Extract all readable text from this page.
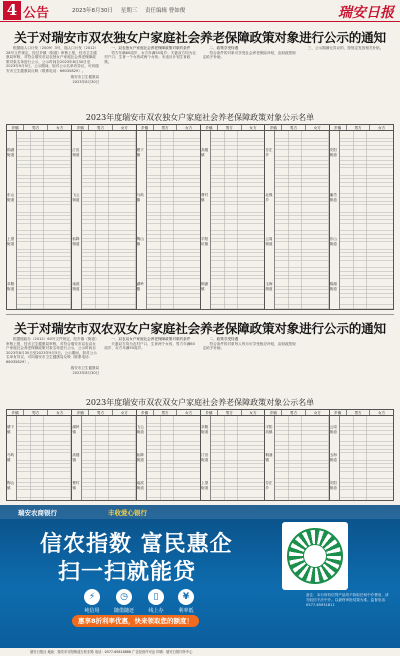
4 公告	2023年8月30日 星期三 责任编辑 曹如俊	瑞安日报
关于对瑞安市双农独女户家庭社会养老保障政策对象进行公示的通知

根据瑞人口计发（2009）3号，瑞人口计发（2012）28号文件规定，经过乡镇（街道）审核上报，经市卫生健康局审核，对符合瑞安市双农独女户家庭社会养老保障政策对象名单进行公示，公示时间自2023年8月30日至2023年9月5日。公示期间，如对公示名单有异议，可向瑞安市卫生健康局反映（联系电话：66035829）。

瑞安市卫生健康局
2023年8月30日

一、双农独女户家庭社会养老保障政策对象的条件

男方年满60周岁、女方年满55周岁；夫妻双方均为农村户口；生育一个女孩或两个女孩；未违反计划生育政策。

二、政策享受待遇

符合条件的对象可享受社会养老保险补贴，由财政按规定给予补助。

三、公示期满无异议的，按规定发放相关补贴。

2023年度瑞安市双农独女户家庭社会养老保障政策对象公示名单
乡镇	男方	女方
锦湖街道
东山街道
上望街道
莘塍街道
乡镇	男方	女方
汀田街道
飞云街道
仙降街道
南滨街道
乡镇	男方	女方
塘下镇
马屿镇
陶山镇
湖岭镇
乡镇	男方	女方
高楼镇
曹村镇
平阳坑镇
桐浦镇
乡镇	男方	女方
芳庄乡
北麂乡
云周街道
玉海街道
乡镇	男方	女方
安阳街道
潘岱街道
东山街道
锦湖街道
关于对瑞安市双农双女户家庭社会养老保障政策对象进行公示的通知

根据瑞政办（2012）60号文件规定，经乡镇（街道）审核上报，经市卫生健康局审核，对符合瑞安市双农双女户家庭社会养老保障政策对象名单进行公示，公示时间自2023年8月30日至2023年9月5日。公示期间，如对公示名单有异议，可向瑞安市卫生健康局反映（联系电话：66035829）。

瑞安市卫生健康局
2023年8月30日

一、双农双女户家庭社会养老保障政策对象的条件

夫妻双方均为农村户口，生育两个女孩，男方年满60周岁、女方年满55周岁。

二、政策享受待遇

符合条件的对象每人每月可享受相应补贴，由财政按规定给予补助。

2023年度瑞安市双农双女户家庭社会养老保障政策对象公示名单
乡镇	男方	女方
塘下镇
马屿镇
陶山镇
乡镇	男方	女方
湖岭镇
高楼镇
曹村镇
乡镇	男方	女方
飞云街道
仙降街道
南滨街道
乡镇	男方	女方
莘塍街道
汀田街道
上望街道
乡镇	男方	女方
平阳坑镇
桐浦镇
芳庄乡
乡镇	男方	女方
云周街道
玉海街道
安阳街道
瑞安农商银行	丰收爱心银行
信农指数 富民惠企
扫一扫就能贷
⚡
纯信用
◷
随借随还
▯
线上办
¥
利率低
惠享8折利率优惠，快来领取您的额度！
备注：本行所有信贷产品均不收取任何中介费用，请勿轻信不法中介。以最终审批结果为准。监督电话：0577-65931811
瑞安日报社 地址：瑞安市安阳街道万松东路 电话：0577-65818888 广告经营许可证 印刷：瑞安日报印务中心
